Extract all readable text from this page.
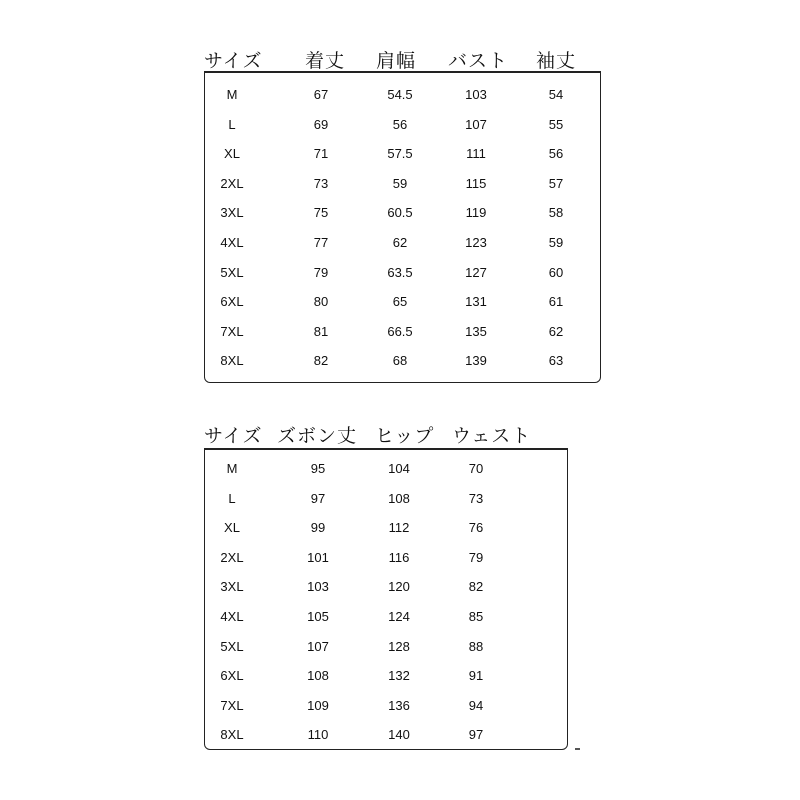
サイズ 着丈 肩幅 バスト 袖丈
M	67	54.5	103	54
L	69	56	107	55
XL	71	57.5	111	56
2XL	73	59	115	57
3XL	75	60.5	119	58
4XL	77	62	123	59
5XL	79	63.5	127	60
6XL	80	65	131	61
7XL	81	66.5	135	62
8XL	82	68	139	63
サイズ ズボン丈 ヒップ ウェスト
M	95	104	70
L	97	108	73
XL	99	112	76
2XL	101	116	79
3XL	103	120	82
4XL	105	124	85
5XL	107	128	88
6XL	108	132	91
7XL	109	136	94
8XL	110	140	97
